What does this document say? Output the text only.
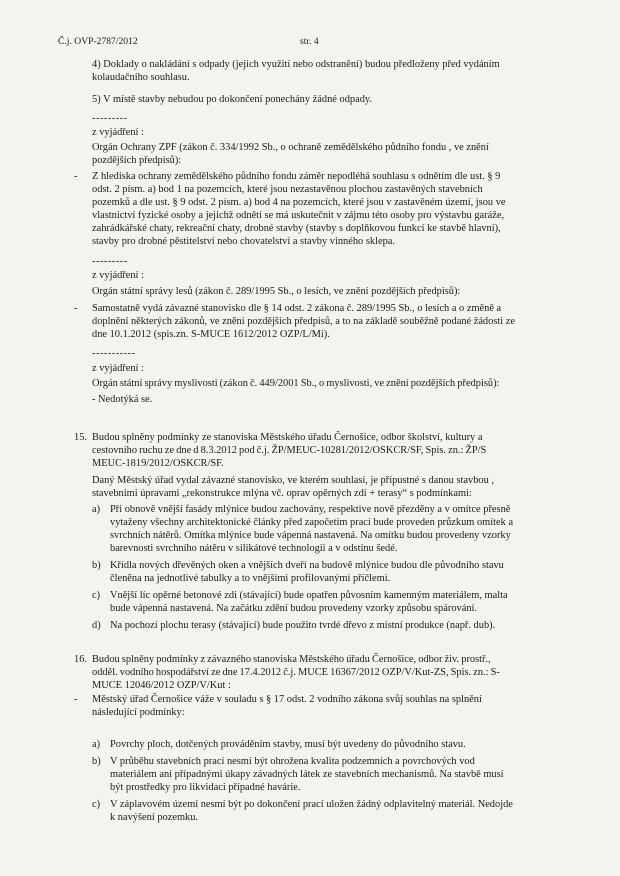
Č.j. OVP-2787/2012	str. 4
4) Doklady o nakládání s odpady (jejich využití nebo odstranění) budou předloženy před vydáním
kolaudačního souhlasu.
5) V místě stavby nebudou po dokončení ponechány žádné odpady.
---------
z vyjádření :
Orgán Ochrany ZPF (zákon č. 334/1992 Sb., o ochraně zemědělského půdního fondu , ve znění
pozdějších předpisů):
- Z hlediska ochrany zemědělského půdního fondu záměr nepodléhá souhlasu s odnětím dle ust. § 9
odst. 2 písm. a) bod 1 na pozemcích, které jsou nezastavěnou plochou zastavěných stavebních
pozemků a dle ust. § 9 odst. 2 písm. a) bod 4 na pozemcích, které jsou v zastavěném území, jsou ve
vlastnictví fyzické osoby a jejichž odnětí se má uskutečnit v zájmu této osoby pro výstavbu garáže,
zahrádkářské chaty, rekreační chaty, drobné stavby (stavby s doplňkovou funkcí ke stavbě hlavní),
stavby pro drobné pěstitelství nebo chovatelství a stavby vinného sklepa.
---------
z vyjádření :
Orgán státní správy lesů (zákon č. 289/1995 Sb., o lesích, ve znění pozdějších předpisů):
- Samostatně vydá závazné stanovisko dle § 14 odst. 2 zákona č. 289/1995 Sb., o lesích a o změně a
doplnění některých zákonů, ve znění pozdějších předpisů, a to na základě souběžně podané žádosti ze
dne 10.1.2012 (spis.zn. S-MUCE 1612/2012 OZP/L/Mi).
-----------
z vyjádření :
Orgán státní správy myslivosti (zákon č. 449/2001 Sb., o myslivosti, ve znění pozdějších předpisů):
- Nedotýká se.
15. Budou splněny podmínky ze stanoviska Městského úřadu Černošice, odbor školství, kultury a
cestovního ruchu ze dne d 8.3.2012 pod č.j. ŽP/MEUC-10281/2012/OSKCR/SF, Spis. zn.: ŽP/S
MEUC-1819/2012/OSKCR/SF.
Daný Městský úřad vydal závazné stanovisko, ve kterém souhlasí, je přípustné s danou stavbou ,
stavebními úpravami „rekonstrukce mlýna vč. oprav opěrných zdí + terasy“ s podmínkami:
a) Při obnově vnější fasády mlýnice budou zachovány, respektive nově přezděny a v omítce přesně
vytaženy všechny architektonické články před započetím prací bude proveden průzkum omítek a
svrchních nátěrů. Omítka mlýnice bude vápenná nastavená. Na omítku budou provedeny vzorky
barevnosti svrchního nátěru v silikátové technologii a v odstínu šedé.
b) Křídla nových dřevěných oken a vnějších dveří na budově mlýnice budou dle původního stavu
členěna na jednotlivé tabulky a to vnějšími profilovanými příčlemi.
c) Vnější líc opěrné betonové zdi (stávající) bude opatřen půvosním kamenným materiálem, malta
bude vápenná nastavená. Na začátku zdění budou provedeny vzorky způsobu spárování.
d) Na pochozí plochu terasy (stávající) bude použito tvrdé dřevo z místní produkce (např. dub).
16. Budou splněny podmínky z závazného stanoviska Městského úřadu Černošice, odbor živ. prostř.,
odděl. vodního hospodářství ze dne 17.4.2012 č.j. MUCE 16367/2012 OZP/V/Kut-ZS, Spis. zn.: S-
MUCE 12046/2012 OZP/V/Kut :
- Městský úřad Černošice váže v souladu s § 17 odst. 2 vodního zákona svůj souhlas na splnění
následující podmínky:
a) Povrchy ploch, dotčených prováděním stavby, musí být uvedeny do původního stavu.
b) V průběhu stavebních prací nesmí být ohrožena kvalita podzemních a povrchových vod
materiálem ani případnými úkapy závadných látek ze stavebních mechanismů. Na stavbě musí
být prostředky pro likvidaci případné havárie.
c) V záplavovém území nesmí být po dokončení prací uložen žádný odplavitelný materiál. Nedojde
k navýšení pozemku.
